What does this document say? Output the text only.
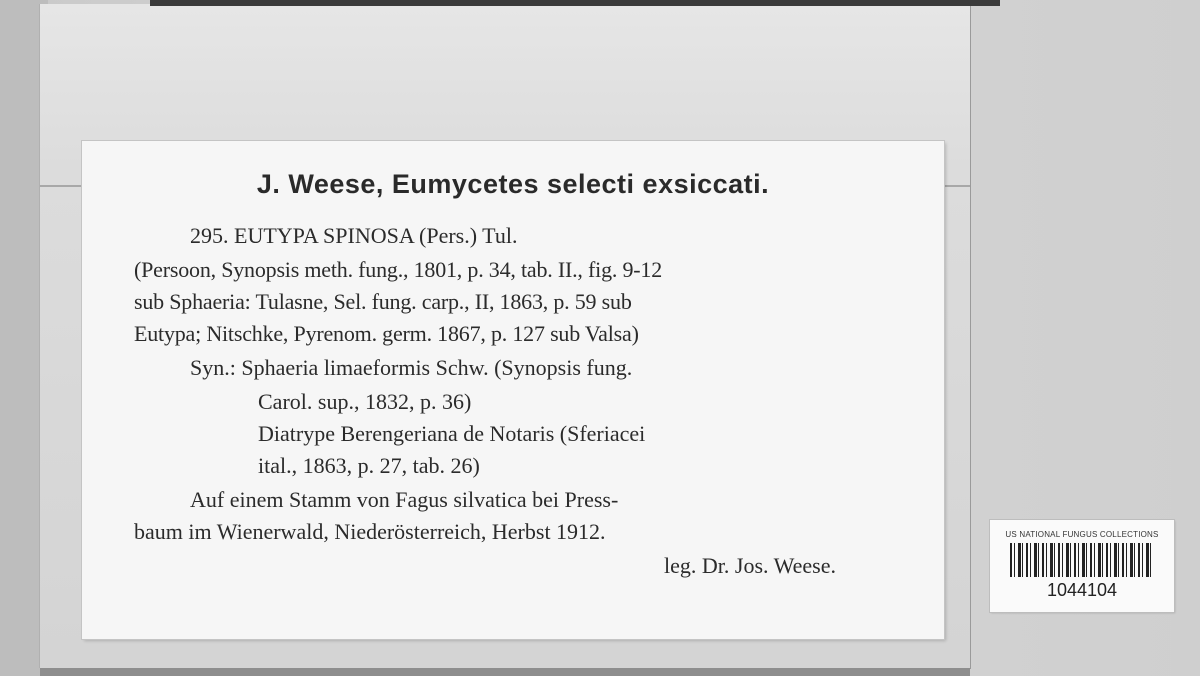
J. Weese, Eumycetes selecti exsiccati.
295. EUTYPA SPINOSA (Pers.) Tul.
(Persoon, Synopsis meth. fung., 1801, p. 34, tab. II., fig. 9-12
sub Sphaeria: Tulasne, Sel. fung. carp., II, 1863, p. 59 sub
Eutypa; Nitschke, Pyrenom. germ. 1867, p. 127 sub Valsa)
Syn.: Sphaeria limaeformis Schw. (Synopsis fung.
Carol. sup., 1832, p. 36)
Diatrype Berengeriana de Notaris (Sferiacei
ital., 1863, p. 27, tab. 26)
Auf einem Stamm von Fagus silvatica bei Press-
baum im Wienerwald, Niederösterreich, Herbst 1912.
leg. Dr. Jos. Weese.
US NATIONAL FUNGUS COLLECTIONS
1044104
